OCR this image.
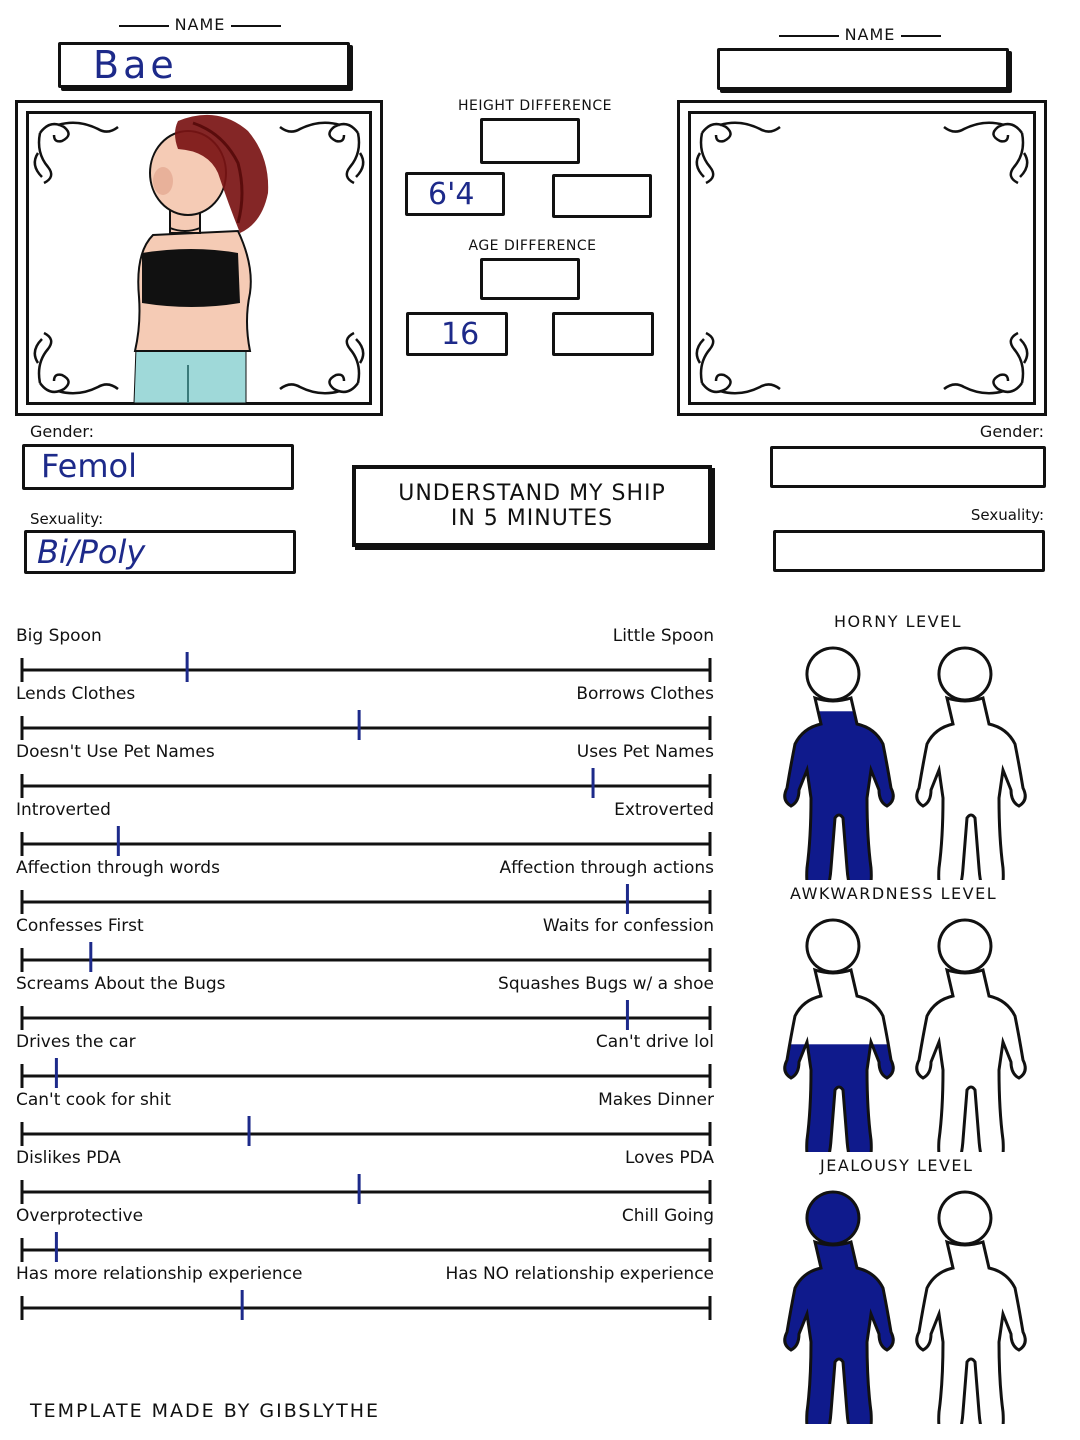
NAME
Bae
NAME
HEIGHT DIFFERENCE
6'4
AGE DIFFERENCE
16
Gender:
Femol
Sexuality:
Bi/Poly
Gender:
Sexuality:
UNDERSTAND MY SHIP
IN 5 MINUTES
Big Spoon	Little Spoon
Lends Clothes	Borrows Clothes
Doesn't Use Pet Names	Uses Pet Names
Introverted	Extroverted
Affection through words	Affection through actions
Confesses First	Waits for confession
Screams About the Bugs	Squashes Bugs w/ a shoe
Drives the car	Can't drive lol
Can't cook for shit	Makes Dinner
Dislikes PDA	Loves PDA
Overprotective	Chill Going
Has more relationship experience	Has NO relationship experience
HORNY LEVEL
AWKWARDNESS LEVEL
JEALOUSY LEVEL
TEMPLATE MADE BY GIBSLYTHE
